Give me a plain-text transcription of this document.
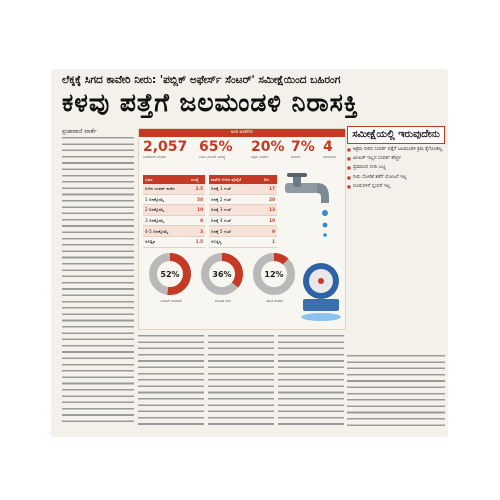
ಲೆಕ್ಕಕ್ಕೆ ಸಿಗದ ಕಾವೇರಿ ನೀರು: 'ಪಬ್ಲಿಕ್ ಅಫೇರ್ಸ್ ಸೆಂಟರ್' ಸಮೀಕ್ಷೆಯಿಂದ ಬಹಿರಂಗ
ಕಳವು ಪತ್ತೆಗೆ ಜಲಮಂಡಳಿ ನಿರಾಸಕ್ತಿ
ಪ್ರಜಾವಾಣಿ ವಾರ್ತೆ	ಅಂಕಿ ಅಂಶಗಳು
2,057
ಬಳಕೆದಾರರ ಸಂಪರ್ಕ
65%
ನೀರಿನ ಮೀಟರ್ ಸಮಸ್ಯೆ
20%
ಅಕ್ರಮ ಸಂಪರ್ಕ
7%
ಸೋರಿಕೆ
4
ವಲಯಗಳು
ವಿವರ	ಸಂಖ್ಯೆ
ನೀರಿನ ಸಂಪರ್ಕ ಪಡೆದ	3.5
1 ದಿನಕ್ಕೊಮ್ಮೆ	58
2 ದಿನಕ್ಕೊಮ್ಮೆ	10
3 ದಿನಕ್ಕೊಮ್ಮೆ	8
4-5 ದಿನಕ್ಕೊಮ್ಮೆ	3
ಅನಿಶ್ಚಿತ	1.5
ಕಾವೇರಿ ನೀರಿನ ಪೂರೈಕೆ	ದಿನ
ದಿನಕ್ಕೆ 1 ಗಂಟೆ	17
ದಿನಕ್ಕೆ 2 ಗಂಟೆ	20
ದಿನಕ್ಕೆ 3 ಗಂಟೆ	13
ದಿನಕ್ಕೆ 4 ಗಂಟೆ	10
ದಿನಕ್ಕೆ 5 ಗಂಟೆ	9
ಗೊತ್ತಿಲ್ಲ	1
52%
ಮೀಟರ್ ಅಳವಡಿಕೆ
36%
ಕಲುಷಿತ ನೀರು
12%
ಹೊಸ ಸಂಪರ್ಕ
ಸಮೀಕ್ಷೆಯಲ್ಲಿ ಇರುವುದೇನು
■ ಅಕ್ರಮ ನೀರಿನ ಸಂಪರ್ಕ ಪತ್ತೆಗೆ ಜಲಮಂಡಳಿ ಕ್ರಮ ಕೈಗೊಂಡಿಲ್ಲ
■ ಮೀಟರ್ ಇಲ್ಲದ ಸಂಪರ್ಕ ಹೆಚ್ಚಳ
■ ಪ್ರಮಾಣದ ನೀರು ಲಭ್ಯ
■ ನೀರು ಸೋರಿಕೆ ತಡೆಗೆ ಯೋಜನೆ ಇಲ್ಲ
■ ದೂರುಗಳಿಗೆ ಸ್ಪಂದನೆ ಇಲ್ಲ
